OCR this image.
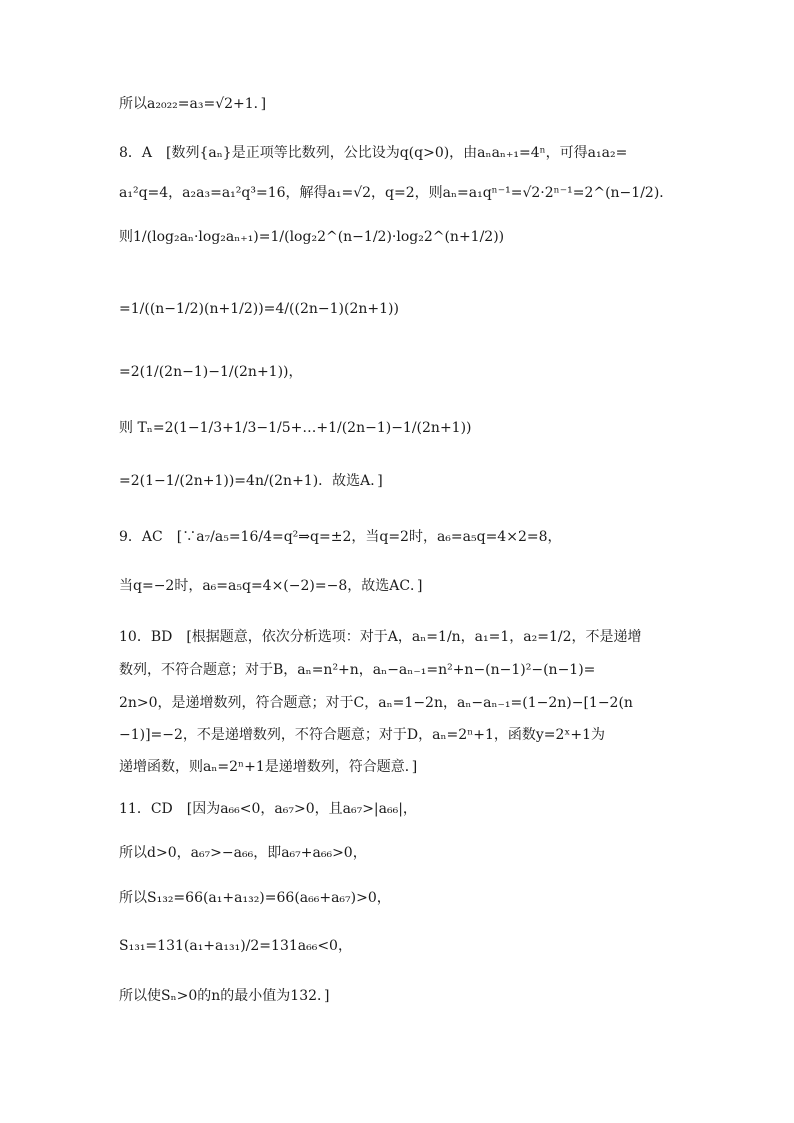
所以a₂₀₂₂=a₃=√2+1．]
8．A　[数列{aₙ}是正项等比数列，公比设为q(q>0)，由aₙaₙ₊₁=4ⁿ，可得a₁a₂=
a₁²q=4，a₂a₃=a₁²q³=16，解得a₁=√2，q=2，则aₙ=a₁qⁿ⁻¹=√2·2ⁿ⁻¹=2^(n−1/2)．
则1/(log₂aₙ·log₂aₙ₊₁)=1/(log₂2^(n−1/2)·log₂2^(n+1/2))
=1/((n−1/2)(n+1/2))=4/((2n−1)(2n+1))
=2(1/(2n−1)−1/(2n+1))，
则 Tₙ=2(1−1/3+1/3−1/5+…+1/(2n−1)−1/(2n+1))
=2(1−1/(2n+1))=4n/(2n+1)．故选A．]
9．AC　[∵a₇/a₅=16/4=q²⇒q=±2，当q=2时，a₆=a₅q=4×2=8，
当q=−2时，a₆=a₅q=4×(−2)=−8，故选AC．]
10．BD　[根据题意，依次分析选项：对于A，aₙ=1/n，a₁=1，a₂=1/2，不是递增
数列，不符合题意；对于B，aₙ=n²+n，aₙ−aₙ₋₁=n²+n−(n−1)²−(n−1)=
2n>0，是递增数列，符合题意；对于C，aₙ=1−2n，aₙ−aₙ₋₁=(1−2n)−[1−2(n
−1)]=−2，不是递增数列，不符合题意；对于D，aₙ=2ⁿ+1，函数y=2ˣ+1为
递增函数，则aₙ=2ⁿ+1是递增数列，符合题意．]
11．CD　[因为a₆₆<0，a₆₇>0，且a₆₇>|a₆₆|，
所以d>0，a₆₇>−a₆₆，即a₆₇+a₆₆>0，
所以S₁₃₂=66(a₁+a₁₃₂)=66(a₆₆+a₆₇)>0，
S₁₃₁=131(a₁+a₁₃₁)/2=131a₆₆<0，
所以使Sₙ>0的n的最小值为132．]
